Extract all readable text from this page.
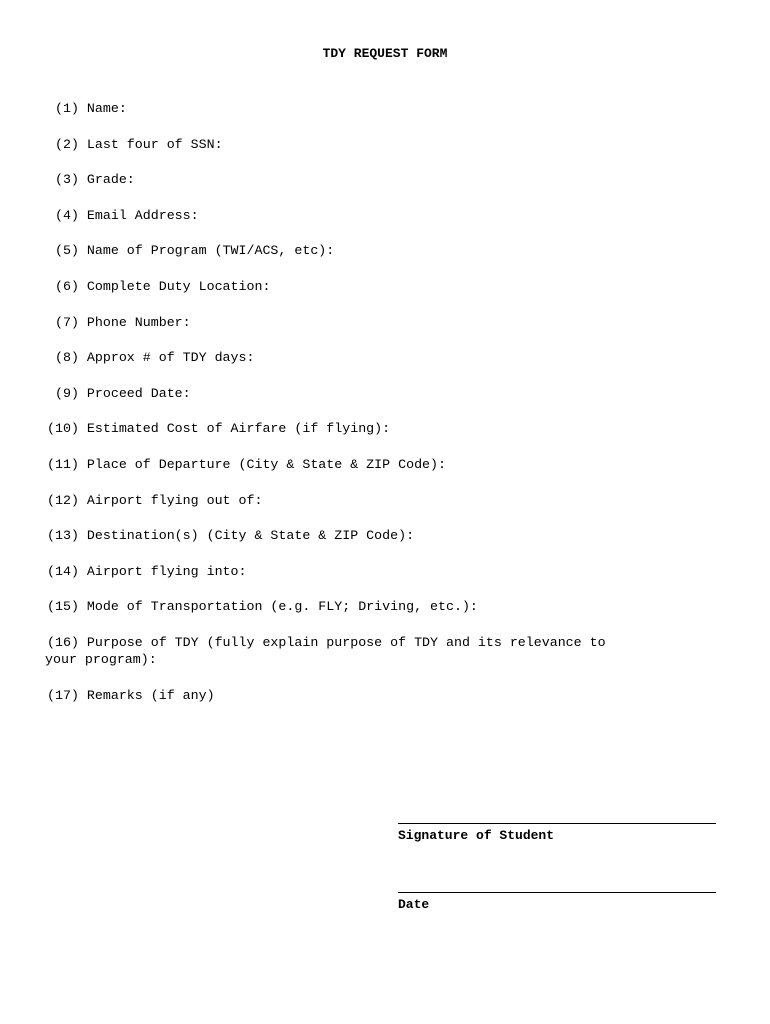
TDY REQUEST FORM
(1) Name:
(2) Last four of SSN:
(3) Grade:
(4) Email Address:
(5) Name of Program (TWI/ACS, etc):
(6) Complete Duty Location:
(7) Phone Number:
(8) Approx # of TDY days:
(9) Proceed Date:
(10) Estimated Cost of Airfare (if flying):
(11) Place of Departure (City & State & ZIP Code):
(12) Airport flying out of:
(13) Destination(s) (City & State & ZIP Code):
(14) Airport flying into:
(15) Mode of Transportation (e.g. FLY; Driving, etc.):
(16) Purpose of TDY (fully explain purpose of TDY and its relevance to
your program):
(17) Remarks (if any)
Signature of Student
Date
